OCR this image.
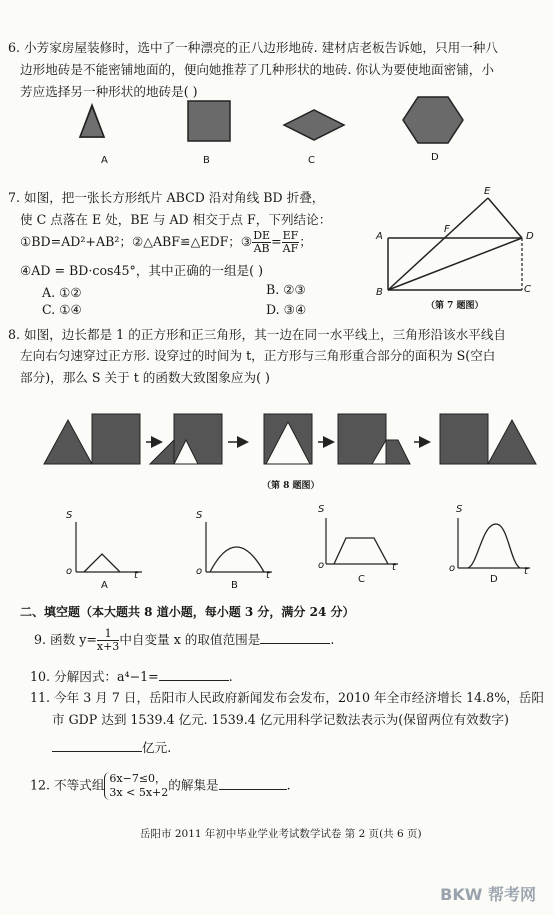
6. 小芳家房屋装修时，选中了一种漂亮的正八边形地砖. 建材店老板告诉她，只用一种八
边形地砖是不能密铺地面的，便向她推荐了几种形状的地砖. 你认为要使地面密铺，小
芳应选择另一种形状的地砖是( )
A	B	C	D
7. 如图，把一张长方形纸片 ABCD 沿对角线 BD 折叠，
使 C 点落在 E 处，BE 与 AD 相交于点 F，下列结论：
①BD=AD²+AB²；②△ABF≌△EDF；③ $\frac{DE}{AB} = \frac{EF}{AF}$ ；
④AD = BD·cos45°，其中正确的一组是( )
A. ①②	B. ②③
C. ①④	D. ③④
E
A
F
D
B	C
（第 7 题图）
8. 如图，边长都是 1 的正方形和正三角形，其一边在同一水平线上，三角形沿该水平线自
左向右匀速穿过正方形. 设穿过的时间为 t，正方形与三角形重合部分的面积为 S(空白
部分)，那么 S 关于 t 的函数大致图象应为( )
（第 8 题图）
S
o	t
A
S
o	t
B
S
o	t
C
S
o	t
D
二、填空题（本大题共 8 道小题，每小题 3 分，满分 24 分）
9. 函数 $y= \frac{1}{x+3}$ 中自变量 x 的取值范围是	.
10. 分解因式：a⁴−1=	.
11. 今年 3 月 7 日，岳阳市人民政府新闻发布会发布，2010 年全市经济增长 14.8%，岳阳
市 GDP 达到 1539.4 亿元. 1539.4 亿元用科学记数法表示为(保留两位有效数字)
亿元.
12. 不等式组 6x−7≤0，
3x < 5x+2 的解集是	.
岳阳市 2011 年初中毕业学业考试数学试卷 第 2 页(共 6 页)
BKW 帮考网
